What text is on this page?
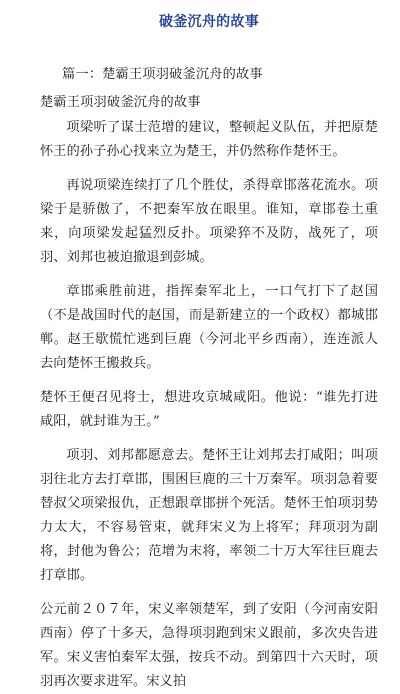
破釜沉舟的故事

篇一：楚霸王项羽破釜沉舟的故事

楚霸王项羽破釜沉舟的故事

项梁听了谋士范增的建议，整顿起义队伍，并把原楚怀王的孙子孙心找来立为楚王，并仍然称作楚怀王。

再说项梁连续打了几个胜仗，杀得章邯落花流水。项梁于是骄傲了，不把秦军放在眼里。谁知，章邯卷土重来，向项梁发起猛烈反扑。项梁猝不及防，战死了，项羽、刘邦也被迫撤退到彭城。

章邯乘胜前进，指挥秦军北上，一口气打下了赵国（不是战国时代的赵国，而是新建立的一个政权）都城邯郸。赵王歇慌忙逃到巨鹿（今河北平乡西南），连连派人去向楚怀王搬救兵。

楚怀王便召见将士，想进攻京城咸阳。他说：“谁先打进咸阳，就封谁为王。”

项羽、刘邦都愿意去。楚怀王让刘邦去打咸阳；叫项羽往北方去打章邯，围困巨鹿的三十万秦军。项羽急着要替叔父项梁报仇，正想跟章邯拼个死活。楚怀王怕项羽势力太大，不容易管束，就拜宋义为上将军；拜项羽为副将，封他为鲁公；范增为末将，率领二十万大军往巨鹿去打章邯。

公元前２０７年，宋义率领楚军，到了安阳（今河南安阳西南）停了十多天，急得项羽跑到宋义跟前，多次央告进军。宋义害怕秦军太强，按兵不动。到第四十六天时，项羽再次要求进军。宋义拍
